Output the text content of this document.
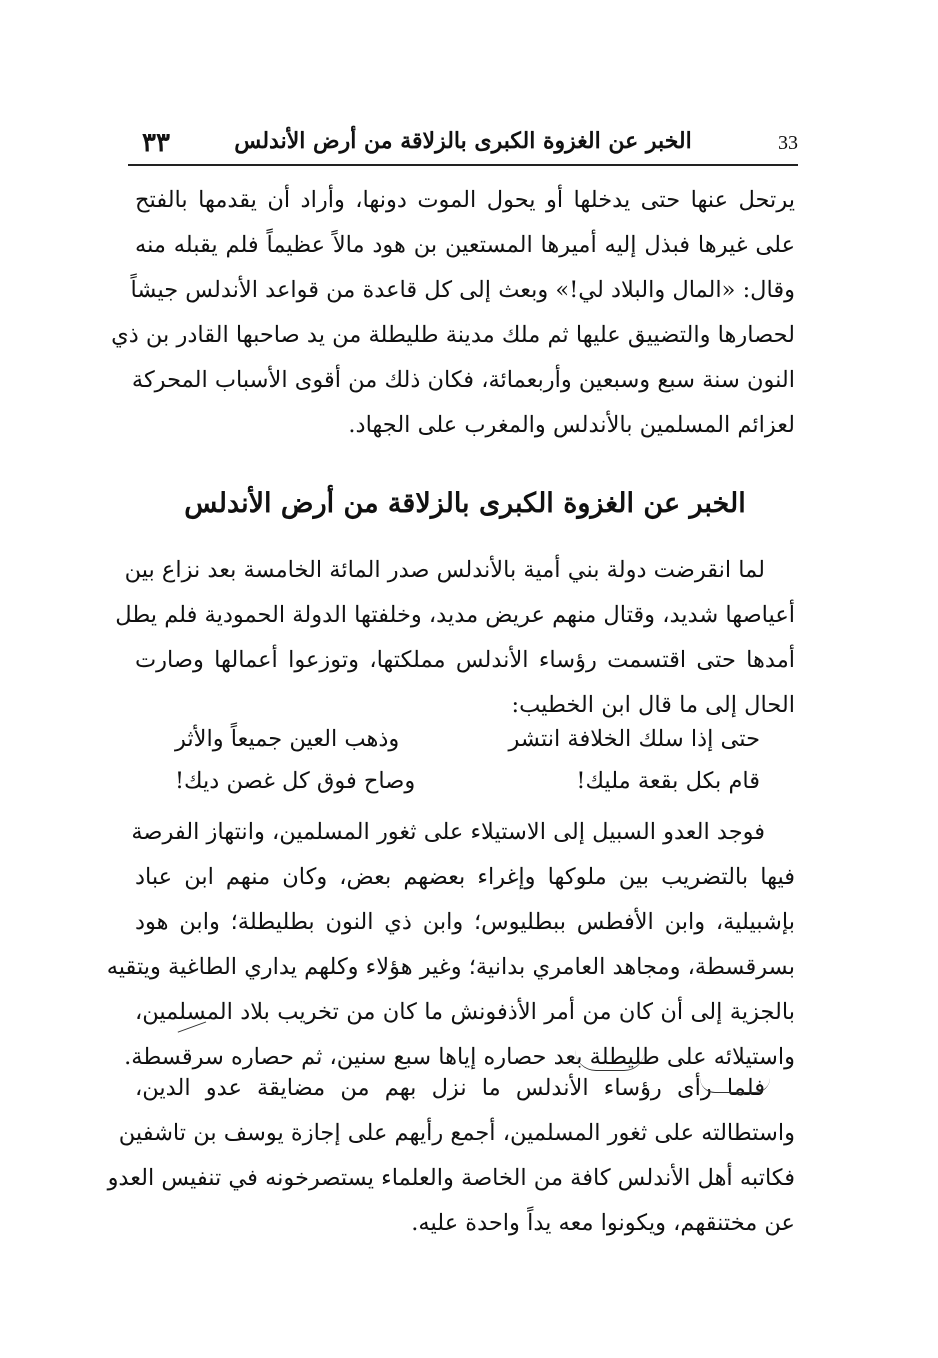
٣٣	الخبر عن الغزوة الكبرى بالزلاقة من أرض الأندلس	33

يرتحل عنها حتى يدخلها أو يحول الموت دونها، وأراد أن يقدمها بالفتح
على غيرها فبذل إليه أميرها المستعين بن هود مالاً عظيماً فلم يقبله منه
وقال: «المال والبلاد لي!» وبعث إلى كل قاعدة من قواعد الأندلس جيشاً
لحصارها والتضييق عليها ثم ملك مدينة طليطلة من يد صاحبها القادر بن ذي
النون سنة سبع وسبعين وأربعمائة، فكان ذلك من أقوى الأسباب المحركة
لعزائم المسلمين بالأندلس والمغرب على الجهاد.

الخبر عن الغزوة الكبرى بالزلاقة من أرض الأندلس

لما انقرضت دولة بني أمية بالأندلس صدر المائة الخامسة بعد نزاع بين
أعياصها شديد، وقتال منهم عريض مديد، وخلفتها الدولة الحمودية فلم يطل
أمدها حتى اقتسمت رؤساء الأندلس مملكتها، وتوزعوا أعمالها وصارت
الحال إلى ما قال ابن الخطيب:

حتى إذا سلك الخلافة انتشر
وذهب العين جميعاً والأثر
قام بكل بقعة مليك!
وصاح فوق كل غصن ديك!

فوجد العدو السبيل إلى الاستيلاء على ثغور المسلمين، وانتهاز الفرصة
فيها بالتضريب بين ملوكها وإغراء بعضهم بعض، وكان منهم ابن عباد
بإشبيلية، وابن الأفطس ببطليوس؛ وابن ذي النون بطليطلة؛ وابن هود
بسرقسطة، ومجاهد العامري بدانية؛ وغير هؤلاء وكلهم يداري الطاغية ويتقيه
بالجزية إلى أن كان من أمر الأذفونش ما كان من تخريب بلاد المسلمين،
واستيلائه على طليطلة بعد حصاره إياها سبع سنين، ثم حصاره سرقسطة.

فلما رأى رؤساء الأندلس ما نزل بهم من مضايقة عدو الدين،
واستطالته على ثغور المسلمين، أجمع رأيهم على إجازة يوسف بن تاشفين
فكاتبه أهل الأندلس كافة من الخاصة والعلماء يستصرخونه في تنفيس العدو
عن مختنقهم، ويكونوا معه يداً واحدة عليه.
